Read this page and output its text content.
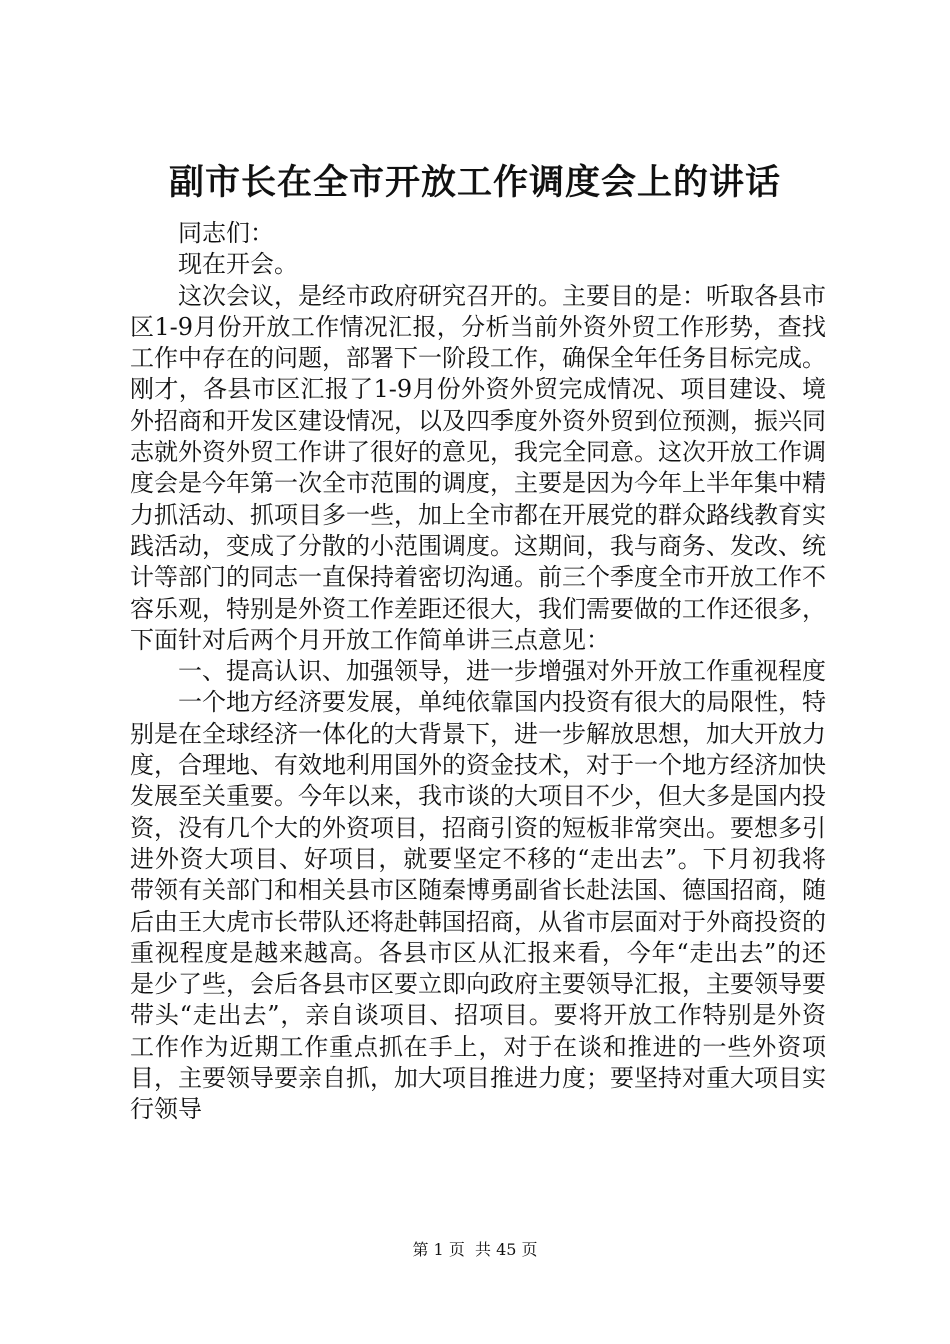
副市长在全市开放工作调度会上的讲话

同志们：

现在开会。

这次会议，是经市政府研究召开的。主要目的是：听取各县市区1-9月份开放工作情况汇报，分析当前外资外贸工作形势，查找工作中存在的问题，部署下一阶段工作，确保全年任务目标完成。刚才，各县市区汇报了1-9月份外资外贸完成情况、项目建设、境外招商和开发区建设情况，以及四季度外资外贸到位预测，振兴同志就外资外贸工作讲了很好的意见，我完全同意。这次开放工作调度会是今年第一次全市范围的调度，主要是因为今年上半年集中精力抓活动、抓项目多一些，加上全市都在开展党的群众路线教育实践活动，变成了分散的小范围调度。这期间，我与商务、发改、统计等部门的同志一直保持着密切沟通。前三个季度全市开放工作不容乐观，特别是外资工作差距还很大，我们需要做的工作还很多，下面针对后两个月开放工作简单讲三点意见：

一、提高认识、加强领导，进一步增强对外开放工作重视程度

一个地方经济要发展，单纯依靠国内投资有很大的局限性，特别是在全球经济一体化的大背景下，进一步解放思想，加大开放力度，合理地、有效地利用国外的资金技术，对于一个地方经济加快发展至关重要。今年以来，我市谈的大项目不少，但大多是国内投资，没有几个大的外资项目，招商引资的短板非常突出。要想多引进外资大项目、好项目，就要坚定不移的“走出去”。下月初我将带领有关部门和相关县市区随秦博勇副省长赴法国、德国招商，随后由王大虎市长带队还将赴韩国招商，从省市层面对于外商投资的重视程度是越来越高。各县市区从汇报来看，今年“走出去”的还是少了些，会后各县市区要立即向政府主要领导汇报，主要领导要带头“走出去”，亲自谈项目、招项目。要将开放工作特别是外资工作作为近期工作重点抓在手上，对于在谈和推进的一些外资项目，主要领导要亲自抓，加大项目推进力度；要坚持对重大项目实行领导

第 1 页  共 45 页
